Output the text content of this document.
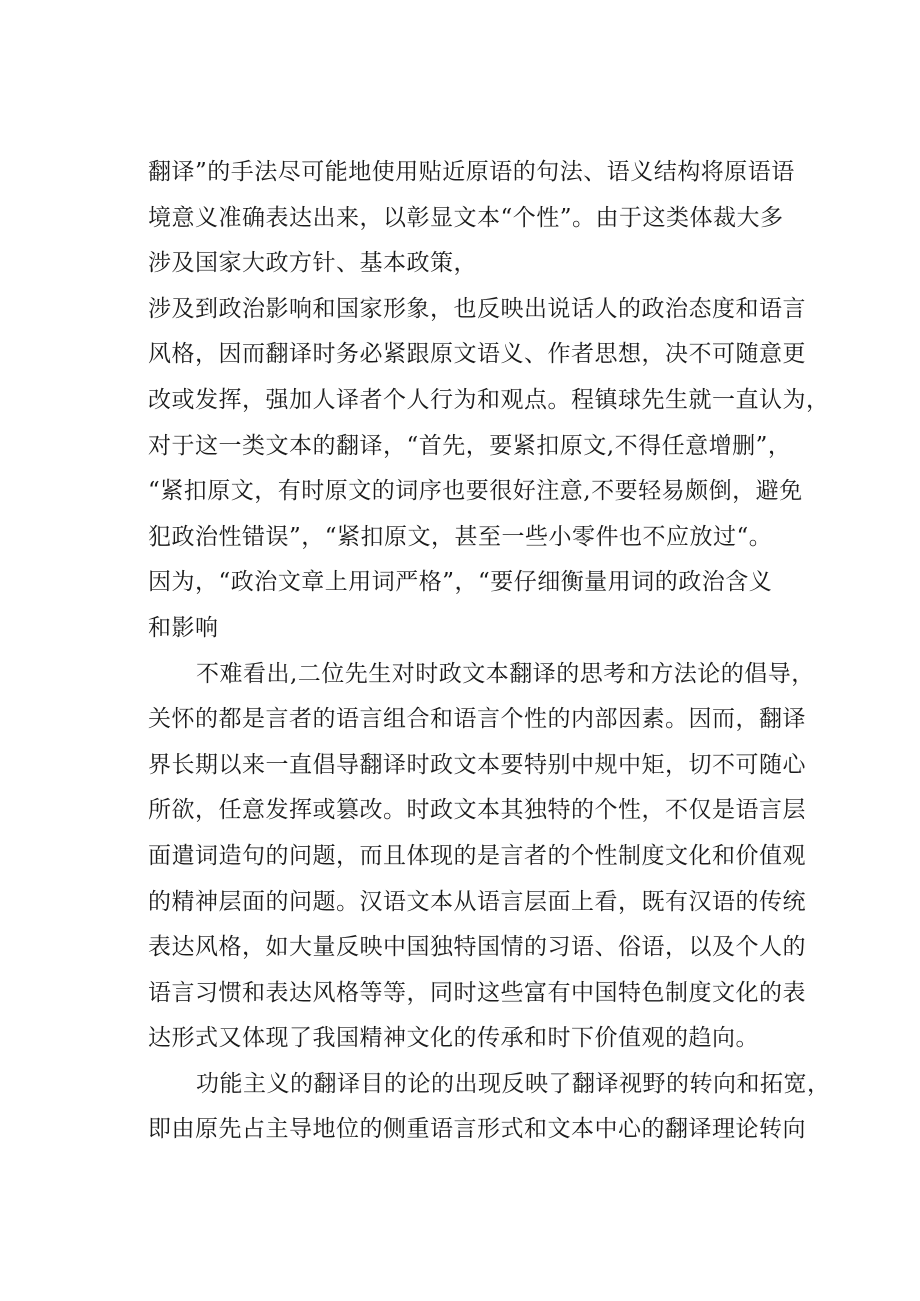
翻译”的手法尽可能地使用贴近原语的句法、语义结构将原语语
境意义准确表达出来，以彰显文本“个性”。由于这类体裁大多
涉及国家大政方针、基本政策，
涉及到政治影响和国家形象，也反映出说话人的政治态度和语言
风格，因而翻译时务必紧跟原文语义、作者思想，决不可随意更
改或发挥，强加人译者个人行为和观点。程镇球先生就一直认为，
对于这一类文本的翻译，“首先，要紧扣原文,不得任意增删”，
“紧扣原文，有时原文的词序也要很好注意,不要轻易颇倒，避免
犯政治性错误”，“紧扣原文，甚至一些小零件也不应放过“。
因为，“政治文章上用词严格”，“要仔细衡量用词的政治含义
和影响
不难看出,二位先生对时政文本翻译的思考和方法论的倡导，
关怀的都是言者的语言组合和语言个性的内部因素。因而，翻译
界长期以来一直倡导翻译时政文本要特别中规中矩，切不可随心
所欲，任意发挥或篡改。时政文本其独特的个性，不仅是语言层
面遣词造句的问题，而且体现的是言者的个性制度文化和价值观
的精神层面的问题。汉语文本从语言层面上看，既有汉语的传统
表达风格，如大量反映中国独特国情的习语、俗语，以及个人的
语言习惯和表达风格等等，同时这些富有中国特色制度文化的表
达形式又体现了我国精神文化的传承和时下价值观的趋向。
功能主义的翻译目的论的出现反映了翻译视野的转向和拓宽，
即由原先占主导地位的侧重语言形式和文本中心的翻译理论转向
